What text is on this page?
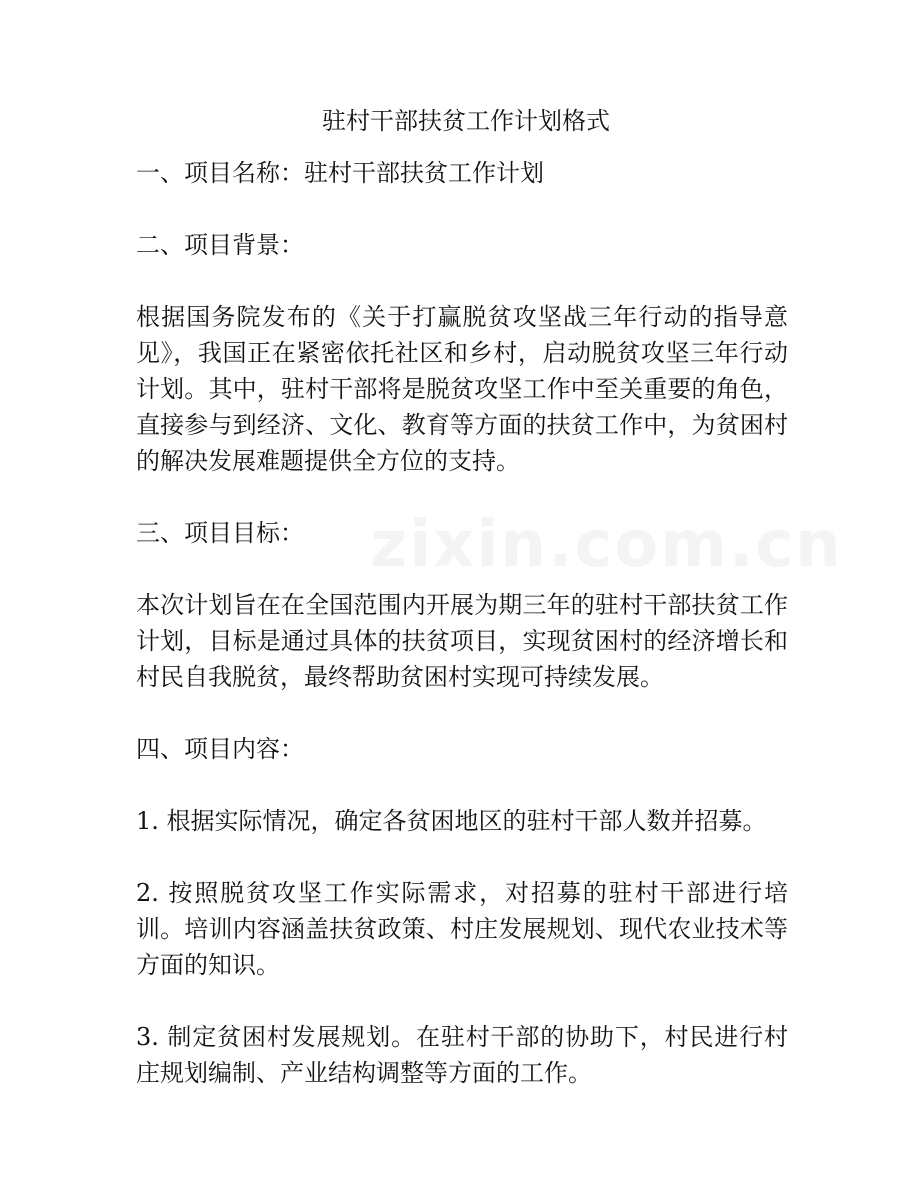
驻村干部扶贫工作计划格式
一、项目名称：驻村干部扶贫工作计划
二、项目背景：
根据国务院发布的《关于打赢脱贫攻坚战三年行动的指导意见》，我国正在紧密依托社区和乡村，启动脱贫攻坚三年行动计划。其中，驻村干部将是脱贫攻坚工作中至关重要的角色，直接参与到经济、文化、教育等方面的扶贫工作中，为贫困村的解决发展难题提供全方位的支持。
三、项目目标：
本次计划旨在在全国范围内开展为期三年的驻村干部扶贫工作计划，目标是通过具体的扶贫项目，实现贫困村的经济增长和村民自我脱贫，最终帮助贫困村实现可持续发展。
四、项目内容：
1. 根据实际情况，确定各贫困地区的驻村干部人数并招募。
2. 按照脱贫攻坚工作实际需求，对招募的驻村干部进行培训。培训内容涵盖扶贫政策、村庄发展规划、现代农业技术等方面的知识。
3. 制定贫困村发展规划。在驻村干部的协助下，村民进行村庄规划编制、产业结构调整等方面的工作。
zixin.com.cn
